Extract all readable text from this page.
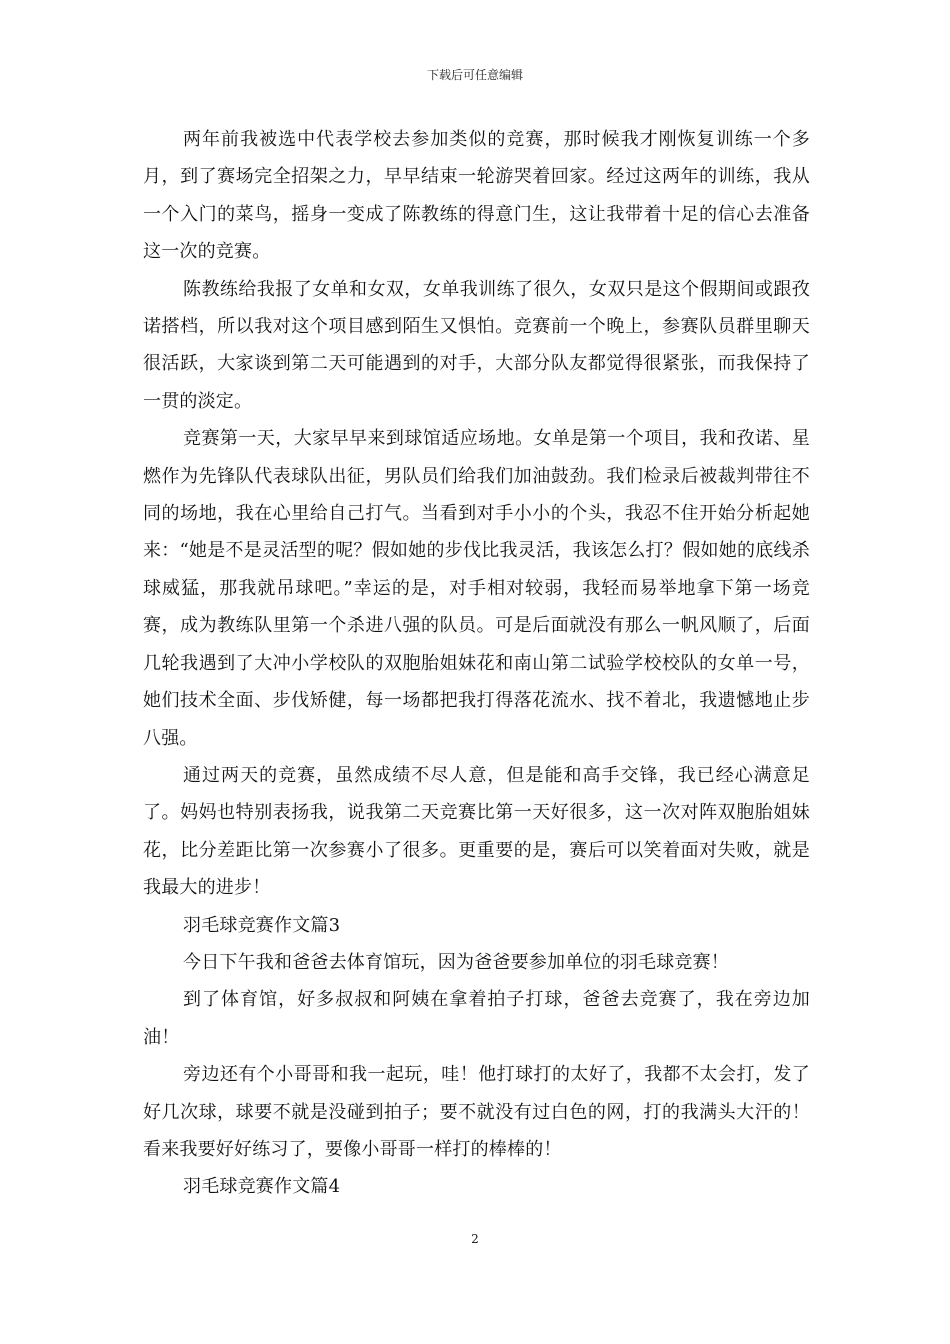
下载后可任意编辑

两年前我被选中代表学校去参加类似的竞赛，那时候我才刚恢复训练一个多月，到了赛场完全招架之力，早早结束一轮游哭着回家。经过这两年的训练，我从一个入门的菜鸟，摇身一变成了陈教练的得意门生，这让我带着十足的信心去准备这一次的竞赛。

陈教练给我报了女单和女双，女单我训练了很久，女双只是这个假期间或跟孜诺搭档，所以我对这个项目感到陌生又惧怕。竞赛前一个晚上，参赛队员群里聊天很活跃，大家谈到第二天可能遇到的对手，大部分队友都觉得很紧张，而我保持了一贯的淡定。

竞赛第一天，大家早早来到球馆适应场地。女单是第一个项目，我和孜诺、星燃作为先锋队代表球队出征，男队员们给我们加油鼓劲。我们检录后被裁判带往不同的场地，我在心里给自己打气。当看到对手小小的个头，我忍不住开始分析起她来：“她是不是灵活型的呢？假如她的步伐比我灵活，我该怎么打？假如她的底线杀球威猛，那我就吊球吧。”幸运的是，对手相对较弱，我轻而易举地拿下第一场竞赛，成为教练队里第一个杀进八强的队员。可是后面就没有那么一帆风顺了，后面几轮我遇到了大冲小学校队的双胞胎姐妹花和南山第二试验学校校队的女单一号，她们技术全面、步伐矫健，每一场都把我打得落花流水、找不着北，我遗憾地止步八强。

通过两天的竞赛，虽然成绩不尽人意，但是能和高手交锋，我已经心满意足了。妈妈也特别表扬我，说我第二天竞赛比第一天好很多，这一次对阵双胞胎姐妹花，比分差距比第一次参赛小了很多。更重要的是，赛后可以笑着面对失败，就是我最大的进步！

羽毛球竞赛作文篇3

今日下午我和爸爸去体育馆玩，因为爸爸要参加单位的羽毛球竞赛！

到了体育馆，好多叔叔和阿姨在拿着拍子打球，爸爸去竞赛了，我在旁边加油！

旁边还有个小哥哥和我一起玩，哇！他打球打的太好了，我都不太会打，发了好几次球，球要不就是没碰到拍子；要不就没有过白色的网，打的我满头大汗的！看来我要好好练习了，要像小哥哥一样打的棒棒的！

羽毛球竞赛作文篇4

2
